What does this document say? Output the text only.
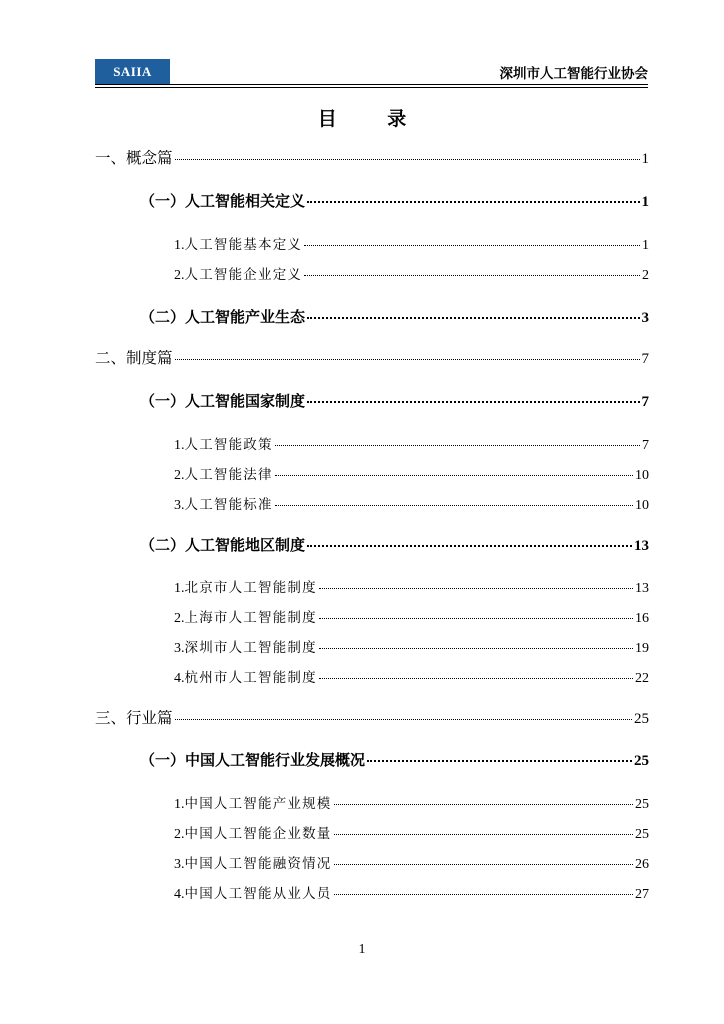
SAIIA	深圳市人工智能行业协会
目 录
一、概念篇	1
（一）人工智能相关定义	1
1.人工智能基本定义	1
2.人工智能企业定义	2
（二）人工智能产业生态	3
二、制度篇	7
（一）人工智能国家制度	7
1.人工智能政策	7
2.人工智能法律	10
3.人工智能标准	10
（二）人工智能地区制度	13
1.北京市人工智能制度	13
2.上海市人工智能制度	16
3.深圳市人工智能制度	19
4.杭州市人工智能制度	22
三、行业篇	25
（一）中国人工智能行业发展概况	25
1.中国人工智能产业规模	25
2.中国人工智能企业数量	25
3.中国人工智能融资情况	26
4.中国人工智能从业人员	27
1
